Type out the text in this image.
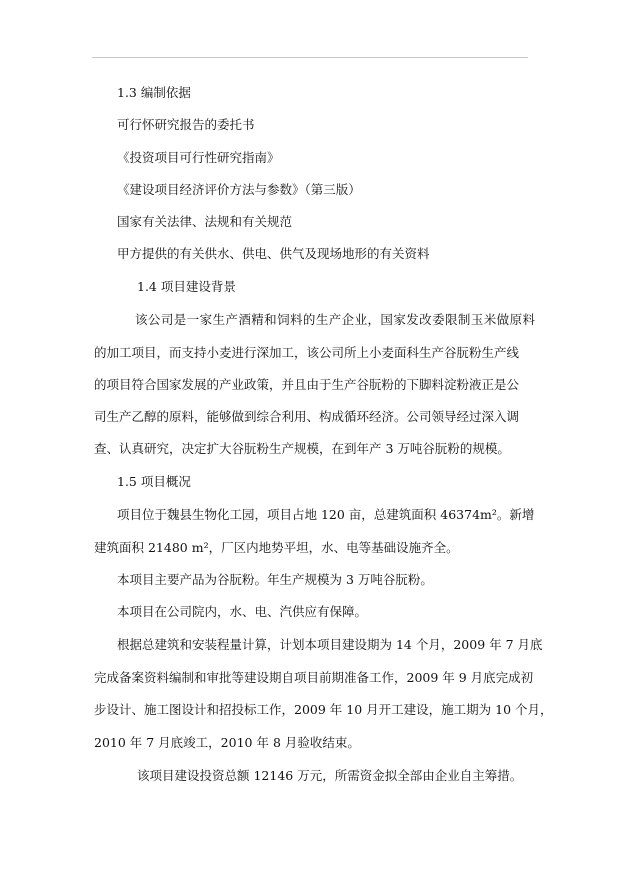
1.3 编制依据
可行怀研究报告的委托书
《投资项目可行性研究指南》
《建设项目经济评价方法与参数》（第三版）
国家有关法律、法规和有关规范
甲方提供的有关供水、供电、供气及现场地形的有关资料
1.4 项目建设背景
该公司是一家生产酒精和饲料的生产企业，国家发改委限制玉米做原料
的加工项目，而支持小麦进行深加工，该公司所上小麦面科生产谷朊粉生产线
的项目符合国家发展的产业政策，并且由于生产谷朊粉的下脚料淀粉液正是公
司生产乙醇的原料，能够做到综合利用、构成循环经济。公司领导经过深入调
查、认真研究，决定扩大谷朊粉生产规模，在到年产 3 万吨谷朊粉的规模。
1.5 项目概况
项目位于魏县生物化工园，项目占地 120 亩，总建筑面积 46374m²。新增
建筑面积 21480 m²，厂区内地势平坦，水、电等基础设施齐全。
本项目主要产品为谷朊粉。年生产规模为 3 万吨谷朊粉。
本项目在公司院内，水、电、汽供应有保障。
根据总建筑和安装程量计算，计划本项目建设期为 14 个月，2009 年 7 月底
完成备案资料编制和审批等建设期自项目前期准备工作，2009 年 9 月底完成初
步设计、施工图设计和招投标工作，2009 年 10 月开工建设，施工期为 10 个月，
2010 年 7 月底竣工，2010 年 8 月验收结束。
该项目建设投资总额 12146 万元，所需资金拟全部由企业自主筹措。
